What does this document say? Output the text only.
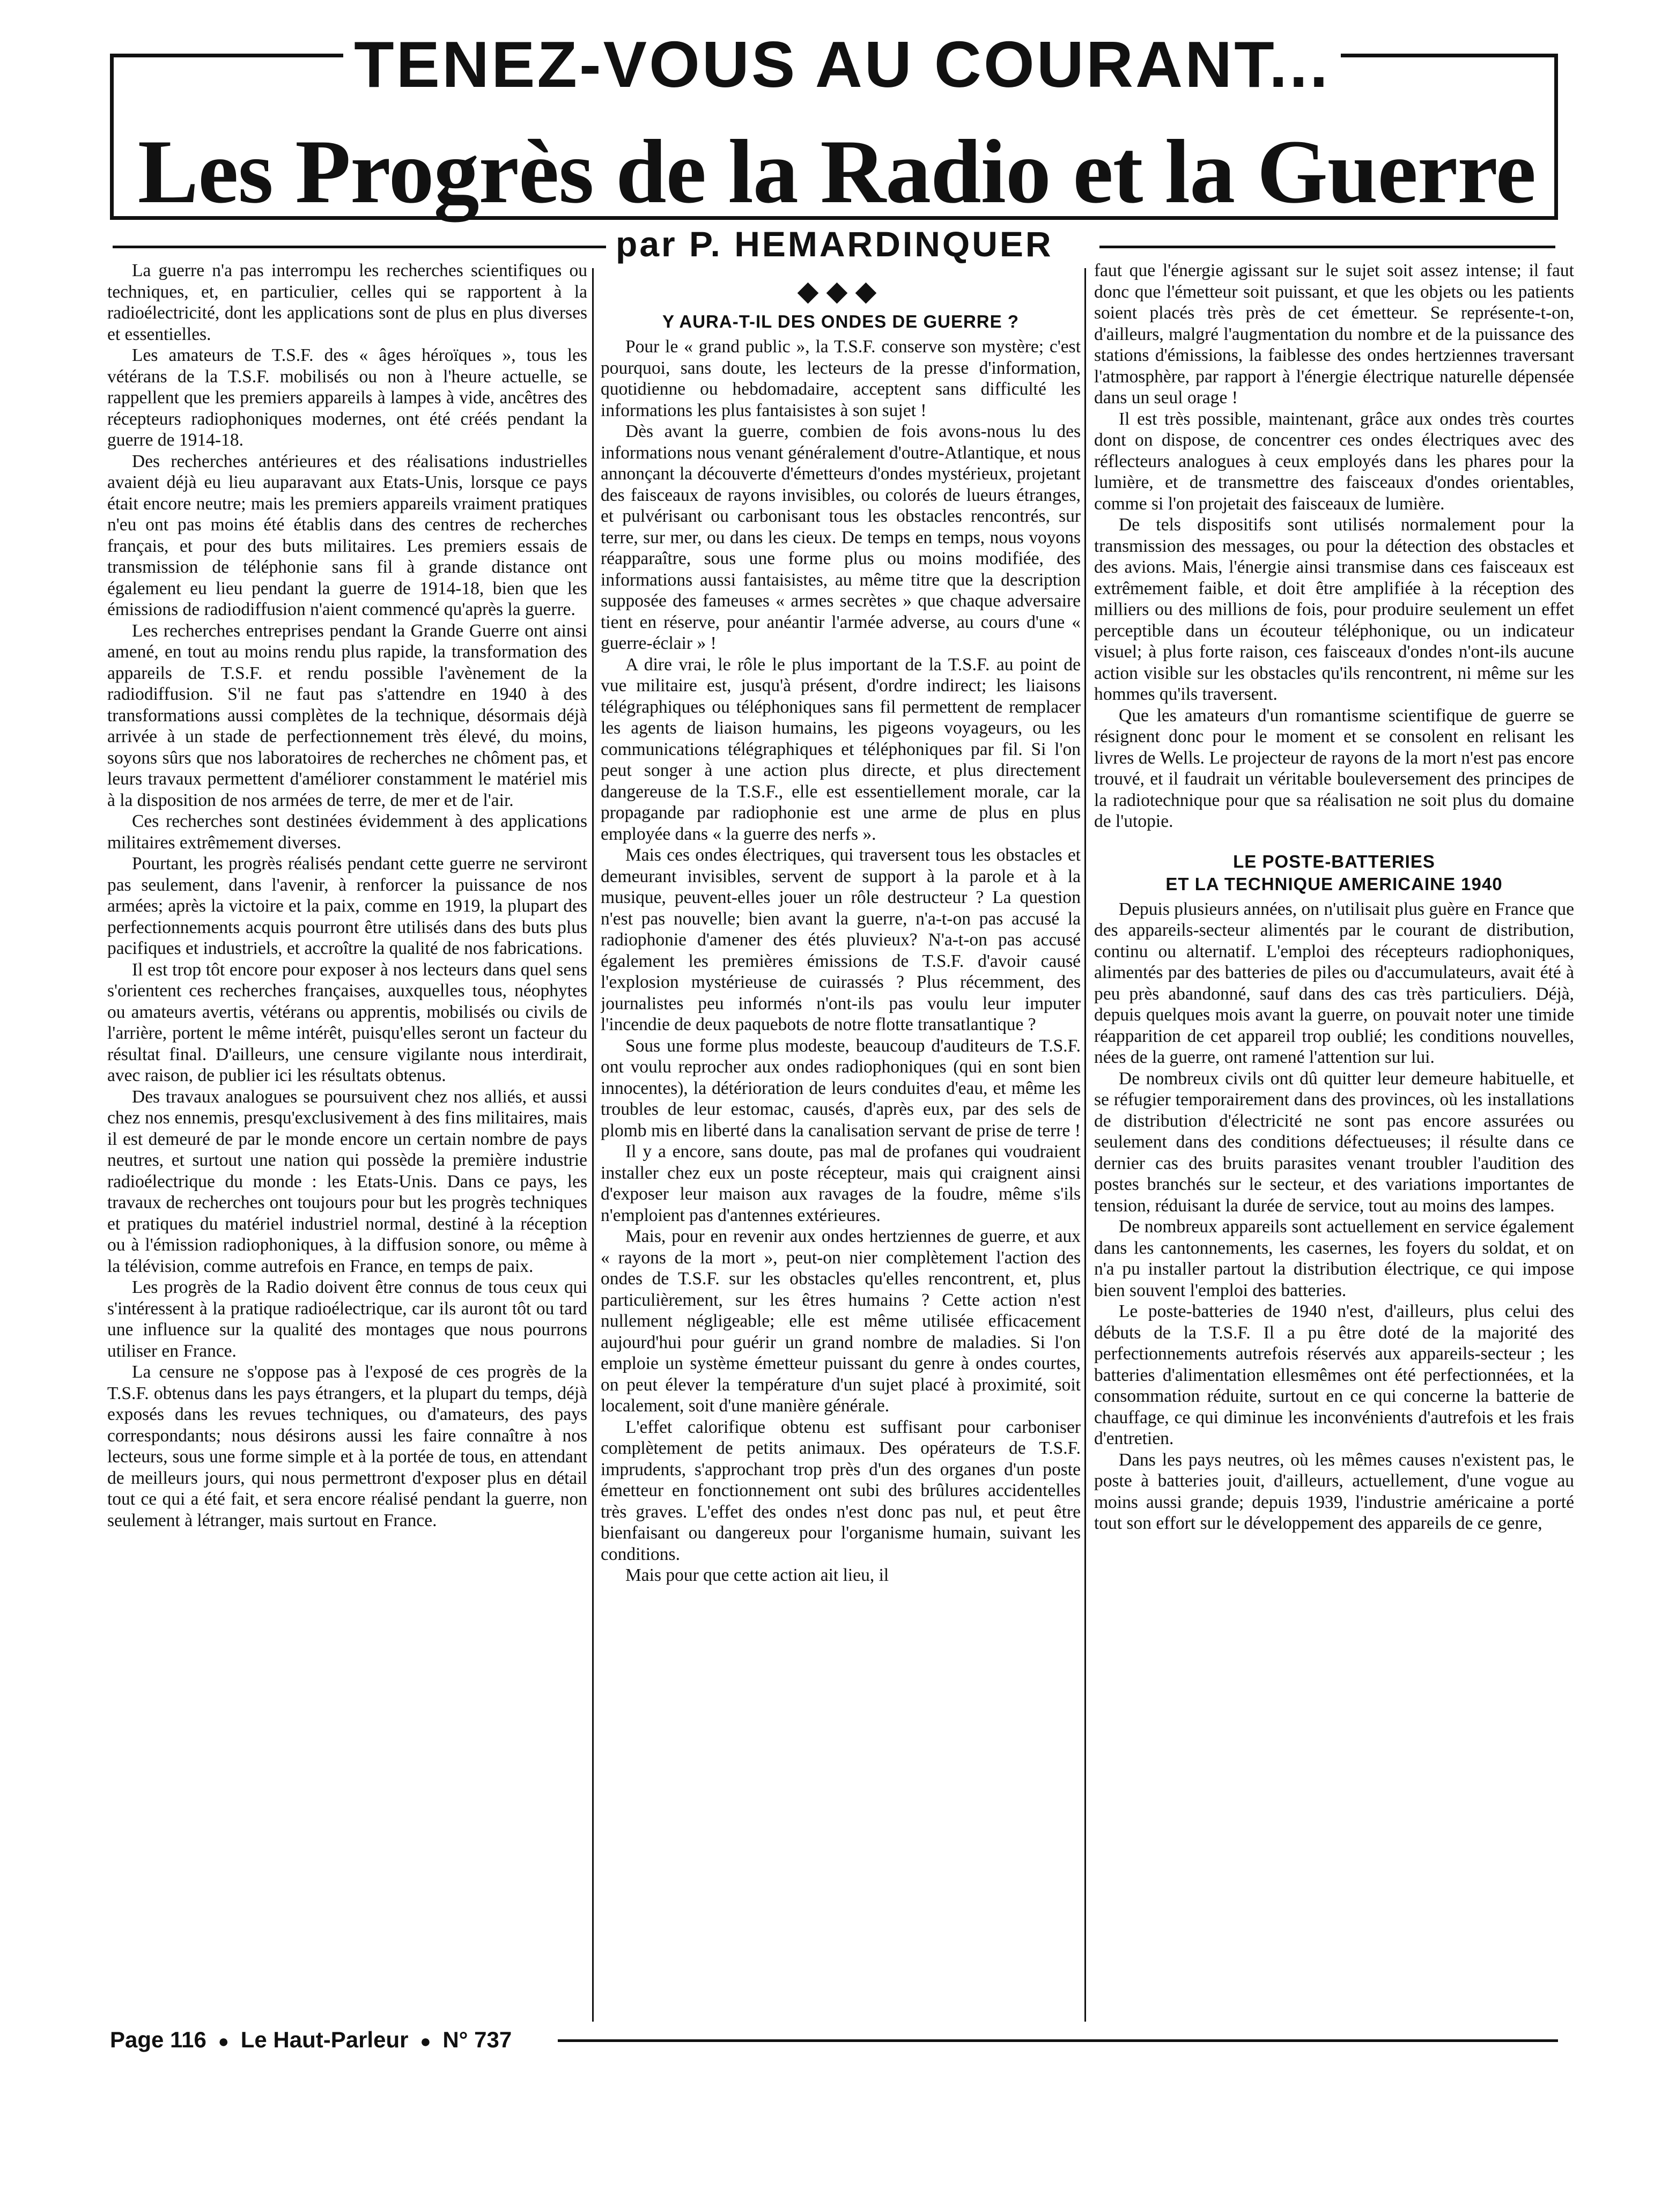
TENEZ-VOUS AU COURANT...
Les Progrès de la Radio et la Guerre
par P. HEMARDINQUER

La guerre n'a pas interrompu les recherches scientifiques ou techniques, et, en particulier, celles qui se rapportent à la radioélectricité, dont les applications sont de plus en plus diverses et essentielles.

Les amateurs de T.S.F. des « âges héroïques », tous les vétérans de la T.S.F. mobilisés ou non à l'heure actuelle, se rappellent que les premiers appareils à lampes à vide, ancêtres des récepteurs radiophoniques modernes, ont été créés pendant la guerre de 1914-18.

Des recherches antérieures et des réalisations industrielles avaient déjà eu lieu auparavant aux Etats-Unis, lorsque ce pays était encore neutre; mais les premiers appareils vraiment pratiques n'eu ont pas moins été établis dans des centres de recherches français, et pour des buts militaires. Les premiers essais de transmission de téléphonie sans fil à grande distance ont également eu lieu pendant la guerre de 1914-18, bien que les émissions de radiodiffusion n'aient commencé qu'après la guerre.

Les recherches entreprises pendant la Grande Guerre ont ainsi amené, en tout au moins rendu plus rapide, la transformation des appareils de T.S.F. et rendu possible l'avènement de la radiodiffusion. S'il ne faut pas s'attendre en 1940 à des transformations aussi complètes de la technique, désormais déjà arrivée à un stade de perfectionnement très élevé, du moins, soyons sûrs que nos laboratoires de recherches ne chôment pas, et leurs travaux permettent d'améliorer constamment le matériel mis à la disposition de nos armées de terre, de mer et de l'air.

Ces recherches sont destinées évidemment à des applications militaires extrêmement diverses.

Pourtant, les progrès réalisés pendant cette guerre ne serviront pas seulement, dans l'avenir, à renforcer la puissance de nos armées; après la victoire et la paix, comme en 1919, la plupart des perfectionnements acquis pourront être utilisés dans des buts plus pacifiques et industriels, et accroître la qualité de nos fabrications.

Il est trop tôt encore pour exposer à nos lecteurs dans quel sens s'orientent ces recherches françaises, auxquelles tous, néophytes ou amateurs avertis, vétérans ou apprentis, mobilisés ou civils de l'arrière, portent le même intérêt, puisqu'elles seront un facteur du résultat final. D'ailleurs, une censure vigilante nous interdirait, avec raison, de publier ici les résultats obtenus.

Des travaux analogues se poursuivent chez nos alliés, et aussi chez nos ennemis, presqu'exclusivement à des fins militaires, mais il est demeuré de par le monde encore un certain nombre de pays neutres, et surtout une nation qui possède la première industrie radioélectrique du monde : les Etats-Unis. Dans ce pays, les travaux de recherches ont toujours pour but les progrès techniques et pratiques du matériel industriel normal, destiné à la réception ou à l'émission radiophoniques, à la diffusion sonore, ou même à la télévision, comme autrefois en France, en temps de paix.

Les progrès de la Radio doivent être connus de tous ceux qui s'intéressent à la pratique radioélectrique, car ils auront tôt ou tard une influence sur la qualité des montages que nous pourrons utiliser en France.

La censure ne s'oppose pas à l'exposé de ces progrès de la T.S.F. obtenus dans les pays étrangers, et la plupart du temps, déjà exposés dans les revues techniques, ou d'amateurs, des pays correspondants; nous désirons aussi les faire connaître à nos lecteurs, sous une forme simple et à la portée de tous, en attendant de meilleurs jours, qui nous permettront d'exposer plus en détail tout ce qui a été fait, et sera encore réalisé pendant la guerre, non seulement à létranger, mais surtout en France.

◆◆◆
Y AURA-T-IL DES ONDES DE GUERRE ?

Pour le « grand public », la T.S.F. conserve son mystère; c'est pourquoi, sans doute, les lecteurs de la presse d'information, quotidienne ou hebdomadaire, acceptent sans difficulté les informations les plus fantaisistes à son sujet !

Dès avant la guerre, combien de fois avons-nous lu des informations nous venant généralement d'outre-Atlantique, et nous annonçant la découverte d'émetteurs d'ondes mystérieux, projetant des faisceaux de rayons invisibles, ou colorés de lueurs étranges, et pulvérisant ou carbonisant tous les obstacles rencontrés, sur terre, sur mer, ou dans les cieux. De temps en temps, nous voyons réapparaître, sous une forme plus ou moins modifiée, des informations aussi fantaisistes, au même titre que la description supposée des fameuses « armes secrètes » que chaque adversaire tient en réserve, pour anéantir l'armée adverse, au cours d'une « guerre-éclair » !

A dire vrai, le rôle le plus important de la T.S.F. au point de vue militaire est, jusqu'à présent, d'ordre indirect; les liaisons télégraphiques ou téléphoniques sans fil permettent de remplacer les agents de liaison humains, les pigeons voyageurs, ou les communications télégraphiques et téléphoniques par fil. Si l'on peut songer à une action plus directe, et plus directement dangereuse de la T.S.F., elle est essentiellement morale, car la propagande par radiophonie est une arme de plus en plus employée dans « la guerre des nerfs ».

Mais ces ondes électriques, qui traversent tous les obstacles et demeurant invisibles, servent de support à la parole et à la musique, peuvent-elles jouer un rôle destructeur ? La question n'est pas nouvelle; bien avant la guerre, n'a-t-on pas accusé la radiophonie d'amener des étés pluvieux? N'a-t-on pas accusé également les premières émissions de T.S.F. d'avoir causé l'explosion mystérieuse de cuirassés ? Plus récemment, des journalistes peu informés n'ont-ils pas voulu leur imputer l'incendie de deux paquebots de notre flotte transatlantique ?

Sous une forme plus modeste, beaucoup d'auditeurs de T.S.F. ont voulu reprocher aux ondes radiophoniques (qui en sont bien innocentes), la détérioration de leurs conduites d'eau, et même les troubles de leur estomac, causés, d'après eux, par des sels de plomb mis en liberté dans la canalisation servant de prise de terre !

Il y a encore, sans doute, pas mal de profanes qui voudraient installer chez eux un poste récepteur, mais qui craignent ainsi d'exposer leur maison aux ravages de la foudre, même s'ils n'emploient pas d'antennes extérieures.

Mais, pour en revenir aux ondes hertziennes de guerre, et aux « rayons de la mort », peut-on nier complètement l'action des ondes de T.S.F. sur les obstacles qu'elles rencontrent, et, plus particulièrement, sur les êtres humains ? Cette action n'est nullement négligeable; elle est même utilisée efficacement aujourd'hui pour guérir un grand nombre de maladies. Si l'on emploie un système émetteur puissant du genre à ondes courtes, on peut élever la température d'un sujet placé à proximité, soit localement, soit d'une manière générale.

L'effet calorifique obtenu est suffisant pour carboniser complètement de petits animaux. Des opérateurs de T.S.F. imprudents, s'approchant trop près d'un des organes d'un poste émetteur en fonctionnement ont subi des brûlures accidentelles très graves. L'effet des ondes n'est donc pas nul, et peut être bienfaisant ou dangereux pour l'organisme humain, suivant les conditions.

Mais pour que cette action ait lieu, il

faut que l'énergie agissant sur le sujet soit assez intense; il faut donc que l'émetteur soit puissant, et que les objets ou les patients soient placés très près de cet émetteur. Se représente-t-on, d'ailleurs, malgré l'augmentation du nombre et de la puissance des stations d'émissions, la faiblesse des ondes hertziennes traversant l'atmosphère, par rapport à l'énergie électrique naturelle dépensée dans un seul orage !

Il est très possible, maintenant, grâce aux ondes très courtes dont on dispose, de concentrer ces ondes électriques avec des réflecteurs analogues à ceux employés dans les phares pour la lumière, et de transmettre des faisceaux d'ondes orientables, comme si l'on projetait des faisceaux de lumière.

De tels dispositifs sont utilisés normalement pour la transmission des messages, ou pour la détection des obstacles et des avions. Mais, l'énergie ainsi transmise dans ces faisceaux est extrêmement faible, et doit être amplifiée à la réception des milliers ou des millions de fois, pour produire seulement un effet perceptible dans un écouteur téléphonique, ou un indicateur visuel; à plus forte raison, ces faisceaux d'ondes n'ont-ils aucune action visible sur les obstacles qu'ils rencontrent, ni même sur les hommes qu'ils traversent.

Que les amateurs d'un romantisme scientifique de guerre se résignent donc pour le moment et se consolent en relisant les livres de Wells. Le projecteur de rayons de la mort n'est pas encore trouvé, et il faudrait un véritable bouleversement des principes de la radiotechnique pour que sa réalisation ne soit plus du domaine de l'utopie.

LE POSTE-BATTERIES
ET LA TECHNIQUE AMERICAINE 1940

Depuis plusieurs années, on n'utilisait plus guère en France que des appareils-secteur alimentés par le courant de distribution, continu ou alternatif. L'emploi des récepteurs radiophoniques, alimentés par des batteries de piles ou d'accumulateurs, avait été à peu près abandonné, sauf dans des cas très particuliers. Déjà, depuis quelques mois avant la guerre, on pouvait noter une timide réapparition de cet appareil trop oublié; les conditions nouvelles, nées de la guerre, ont ramené l'attention sur lui.

De nombreux civils ont dû quitter leur demeure habituelle, et se réfugier temporairement dans des provinces, où les installations de distribution d'électricité ne sont pas encore assurées ou seulement dans des conditions défectueuses; il résulte dans ce dernier cas des bruits parasites venant troubler l'audition des postes branchés sur le secteur, et des variations importantes de tension, réduisant la durée de service, tout au moins des lampes.

De nombreux appareils sont actuellement en service également dans les cantonnements, les casernes, les foyers du soldat, et on n'a pu installer partout la distribution électrique, ce qui impose bien souvent l'emploi des batteries.

Le poste-batteries de 1940 n'est, d'ailleurs, plus celui des débuts de la T.S.F. Il a pu être doté de la majorité des perfectionnements autrefois réservés aux appareils-secteur ; les batteries d'alimentation ellesmêmes ont été perfectionnées, et la consommation réduite, surtout en ce qui concerne la batterie de chauffage, ce qui diminue les inconvénients d'autrefois et les frais d'entretien.

Dans les pays neutres, où les mêmes causes n'existent pas, le poste à batteries jouit, d'ailleurs, actuellement, d'une vogue au moins aussi grande; depuis 1939, l'industrie américaine a porté tout son effort sur le développement des appareils de ce genre,

Page 116 ● Le Haut-Parleur ● N° 737
